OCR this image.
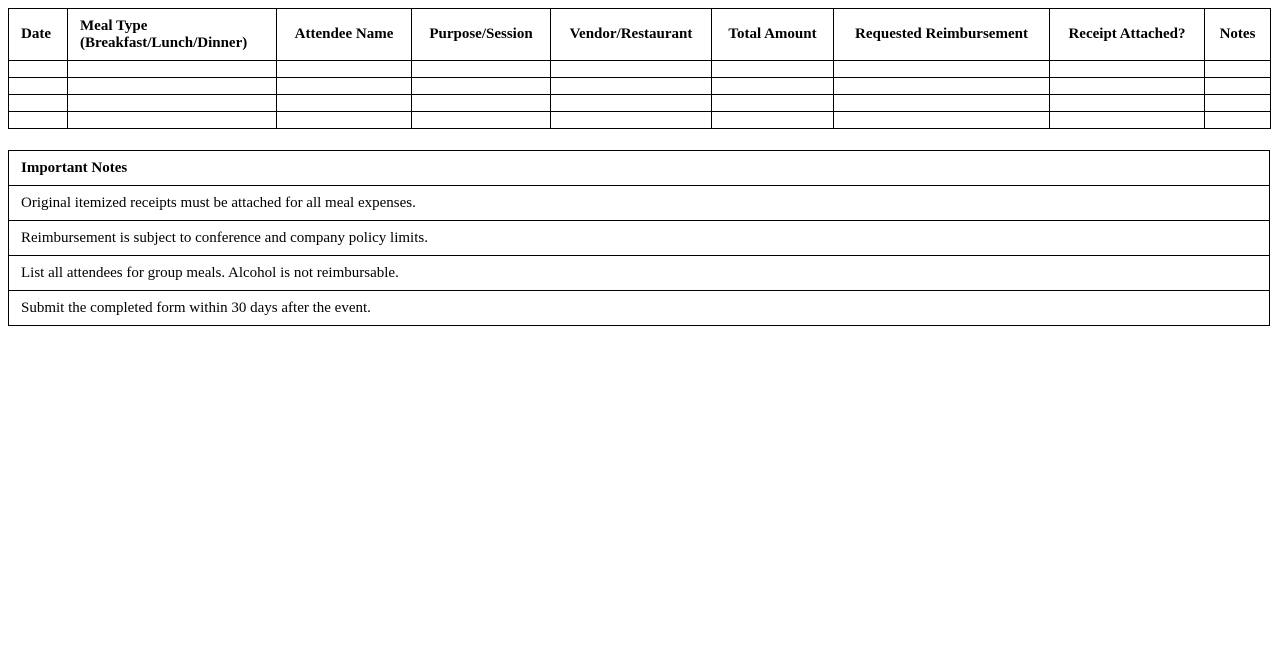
Date	Meal Type (Breakfast/Lunch/Dinner)	Attendee Name	Purpose/Session	Vendor/Restaurant	Total Amount	Requested Reimbursement	Receipt Attached?	Notes

Important Notes
Original itemized receipts must be attached for all meal expenses.
Reimbursement is subject to conference and company policy limits.
List all attendees for group meals. Alcohol is not reimbursable.
Submit the completed form within 30 days after the event.
